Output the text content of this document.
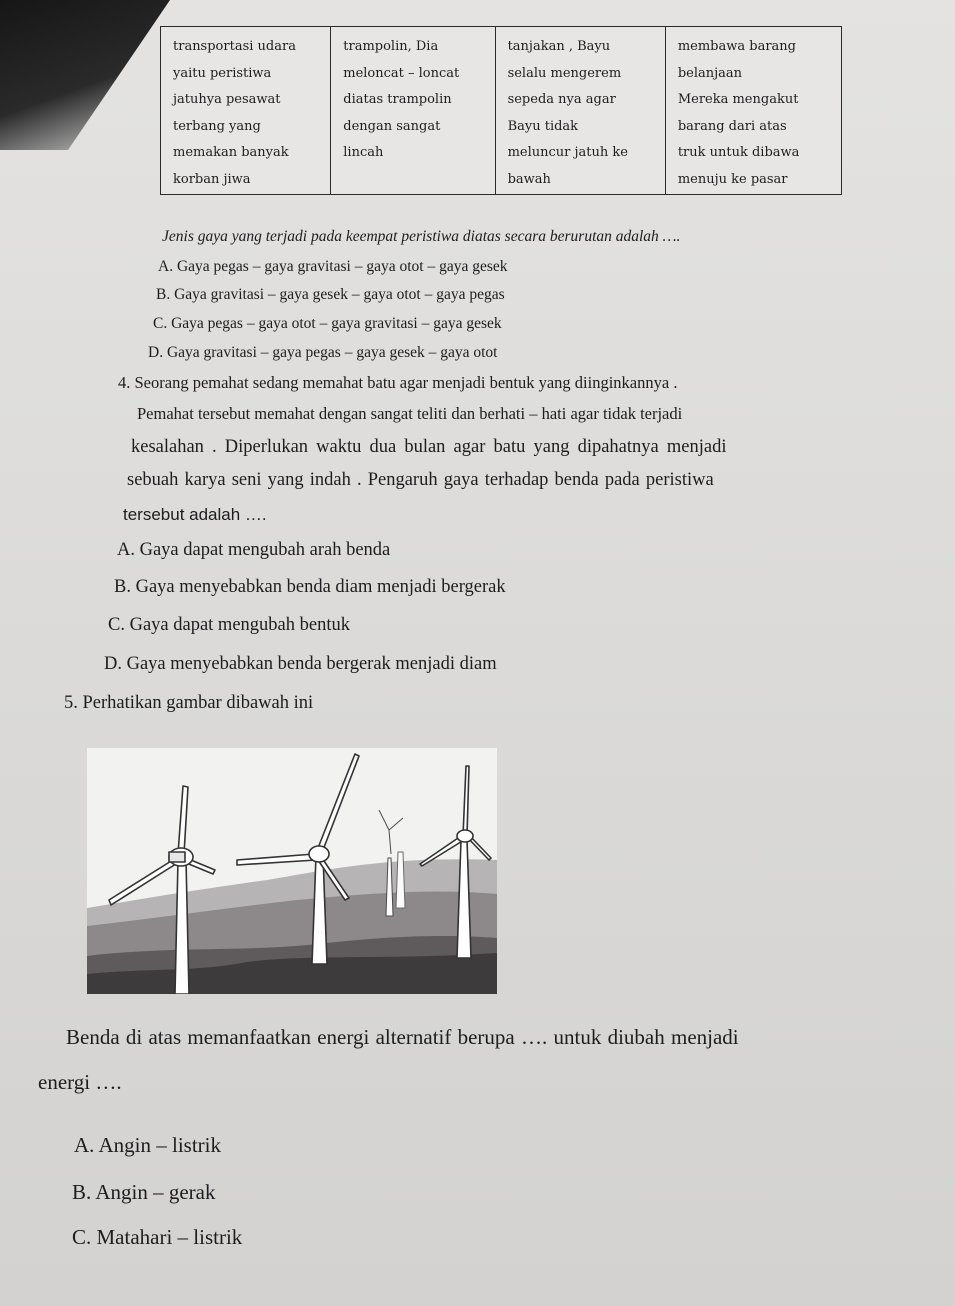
transportasi udara
yaitu peristiwa
jatuhya pesawat
terbang yang
memakan banyak
korban jiwa

trampolin, Dia
meloncat – loncat
diatas trampolin
dengan sangat
lincah

tanjakan , Bayu
selalu mengerem
sepeda nya agar
Bayu tidak
meluncur jatuh ke
bawah

membawa barang
belanjaan
Mereka mengakut
barang dari atas
truk untuk dibawa
menuju ke pasar
Jenis gaya yang terjadi pada keempat peristiwa diatas secara berurutan adalah ….
A. Gaya pegas – gaya gravitasi – gaya otot – gaya gesek
B. Gaya gravitasi – gaya gesek – gaya otot – gaya pegas
C. Gaya pegas – gaya otot – gaya gravitasi – gaya gesek
D. Gaya gravitasi – gaya pegas – gaya gesek – gaya otot
4. Seorang pemahat sedang memahat batu agar menjadi bentuk yang diinginkannya .
Pemahat tersebut memahat dengan sangat teliti dan berhati – hati agar tidak terjadi
kesalahan . Diperlukan waktu dua bulan agar batu yang dipahatnya menjadi
sebuah karya seni yang indah . Pengaruh gaya terhadap benda pada peristiwa
tersebut adalah ….
A. Gaya dapat mengubah arah benda
B. Gaya menyebabkan benda diam menjadi bergerak
C. Gaya dapat mengubah bentuk
D. Gaya menyebabkan benda bergerak menjadi diam
5. Perhatikan gambar dibawah ini
Benda di atas memanfaatkan energi alternatif berupa …. untuk diubah menjadi
energi ….
A. Angin – listrik
B. Angin – gerak
C. Matahari – listrik
